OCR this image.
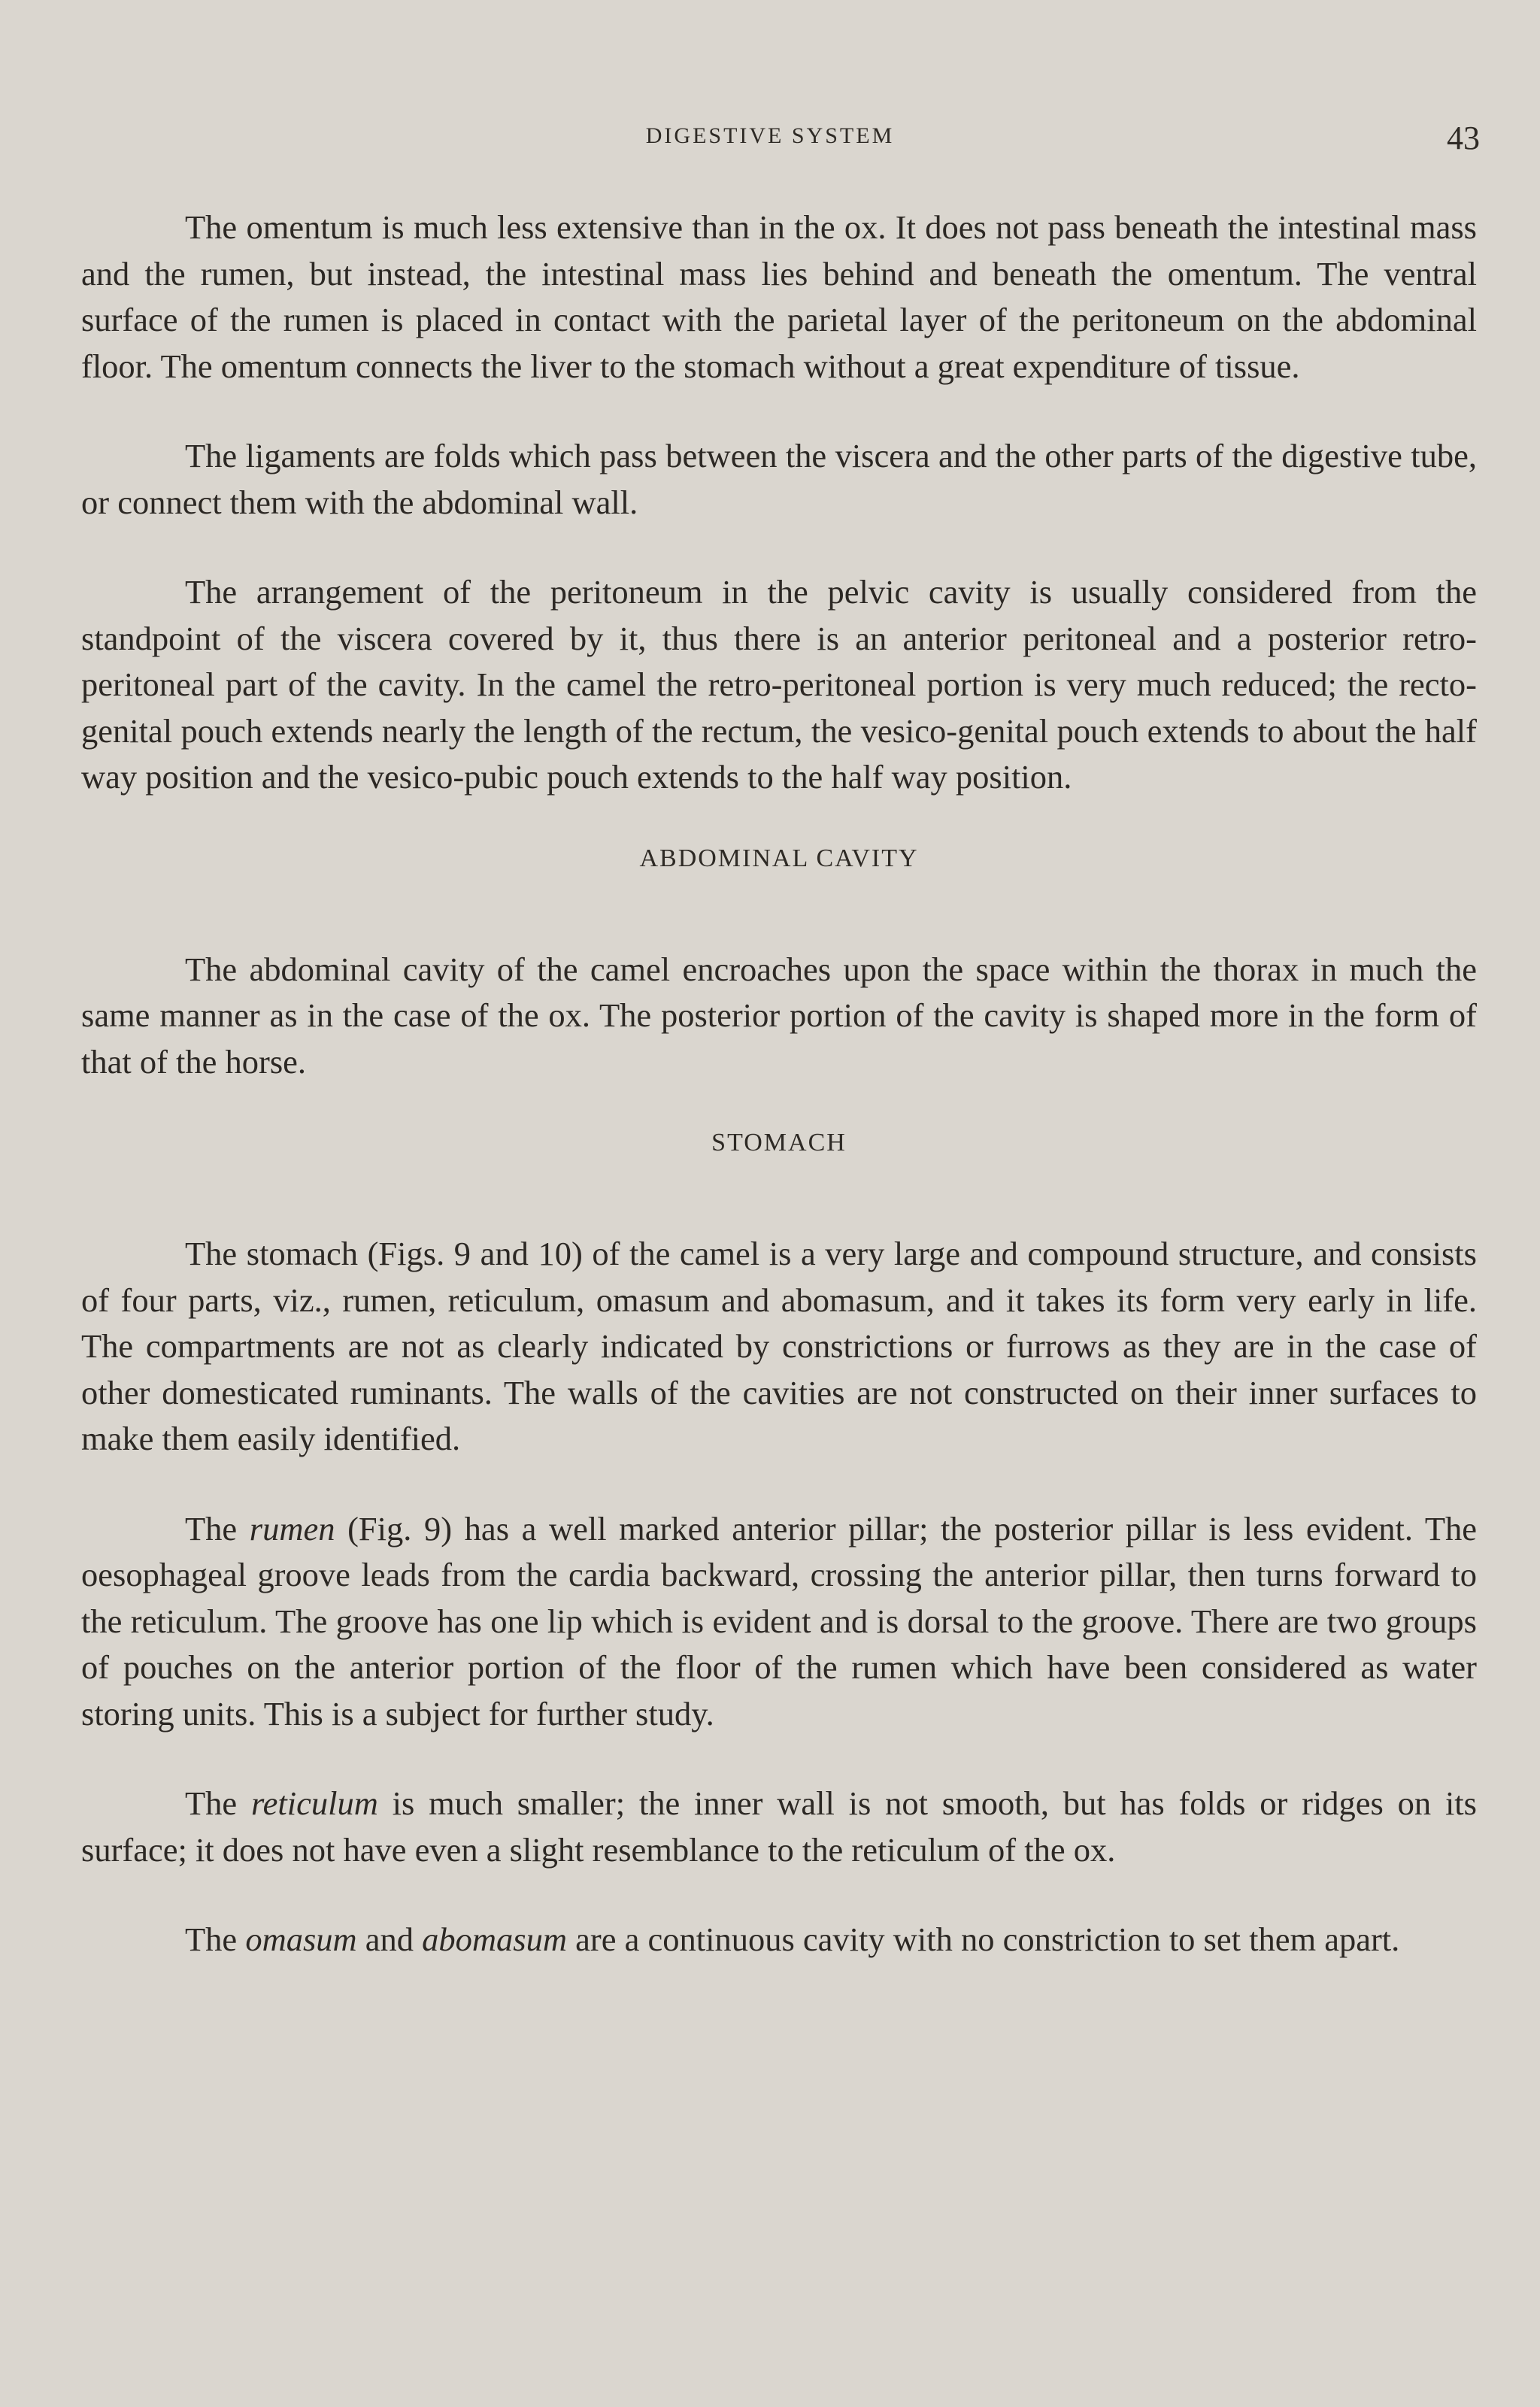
DIGESTIVE SYSTEM	43

The omentum is much less extensive than in the ox. It does not pass beneath the intestinal mass and the rumen, but instead, the intestinal mass lies behind and beneath the omentum. The ventral surface of the rumen is placed in contact with the parietal layer of the peritoneum on the abdominal floor. The omentum connects the liver to the stomach without a great expenditure of tissue.

The ligaments are folds which pass between the viscera and the other parts of the digestive tube, or connect them with the abdominal wall.

The arrangement of the peritoneum in the pelvic cavity is usually considered from the standpoint of the viscera covered by it, thus there is an anterior peritoneal and a posterior retro-peritoneal part of the cavity. In the camel the retro-peritoneal portion is very much reduced; the recto-genital pouch extends nearly the length of the rectum, the vesico-genital pouch extends to about the half way position and the vesico-pubic pouch extends to the half way position.

ABDOMINAL CAVITY

The abdominal cavity of the camel encroaches upon the space within the thorax in much the same manner as in the case of the ox. The posterior portion of the cavity is shaped more in the form of that of the horse.

STOMACH

The stomach (Figs. 9 and 10) of the camel is a very large and compound structure, and consists of four parts, viz., rumen, reticulum, omasum and abomasum, and it takes its form very early in life. The compartments are not as clearly indicated by constrictions or furrows as they are in the case of other domesticated ruminants. The walls of the cavities are not constructed on their inner surfaces to make them easily identified.

The rumen (Fig. 9) has a well marked anterior pillar; the posterior pillar is less evident. The oesophageal groove leads from the cardia backward, crossing the anterior pillar, then turns forward to the reticulum. The groove has one lip which is evident and is dorsal to the groove. There are two groups of pouches on the anterior portion of the floor of the rumen which have been considered as water storing units. This is a subject for further study.

The reticulum is much smaller; the inner wall is not smooth, but has folds or ridges on its surface; it does not have even a slight resemblance to the reticulum of the ox.

The omasum and abomasum are a continuous cavity with no constriction to set them apart.
